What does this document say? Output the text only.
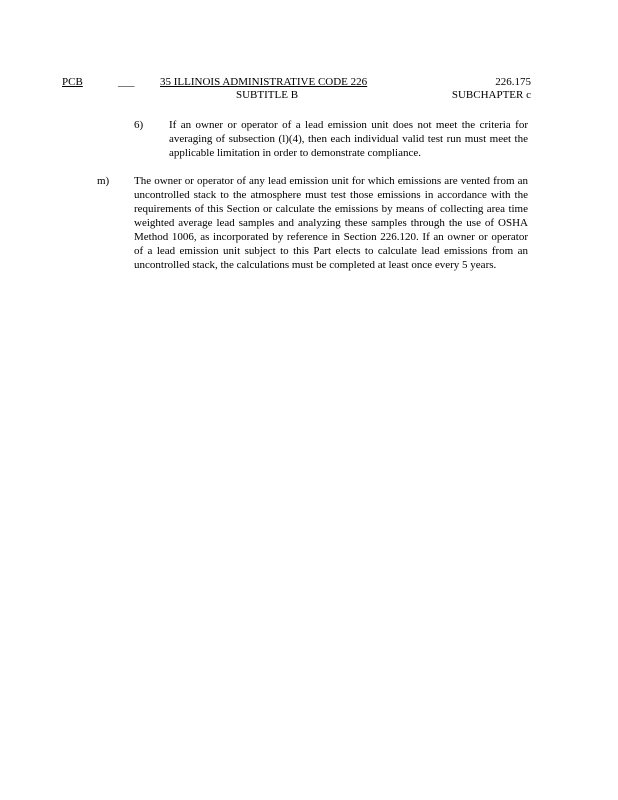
PCB	___ 35 ILLINOIS ADMINISTRATIVE CODE 226	226.175
SUBTITLE B	SUBCHAPTER c
6) If an owner or operator of a lead emission unit does not meet the criteria for averaging of subsection (l)(4), then each individual valid test run must meet the applicable limitation in order to demonstrate compliance.
m) The owner or operator of any lead emission unit for which emissions are vented from an uncontrolled stack to the atmosphere must test those emissions in accordance with the requirements of this Section or calculate the emissions by means of collecting area time weighted average lead samples and analyzing these samples through the use of OSHA Method 1006, as incorporated by reference in Section 226.120. If an owner or operator of a lead emission unit subject to this Part elects to calculate lead emissions from an uncontrolled stack, the calculations must be completed at least once every 5 years.
